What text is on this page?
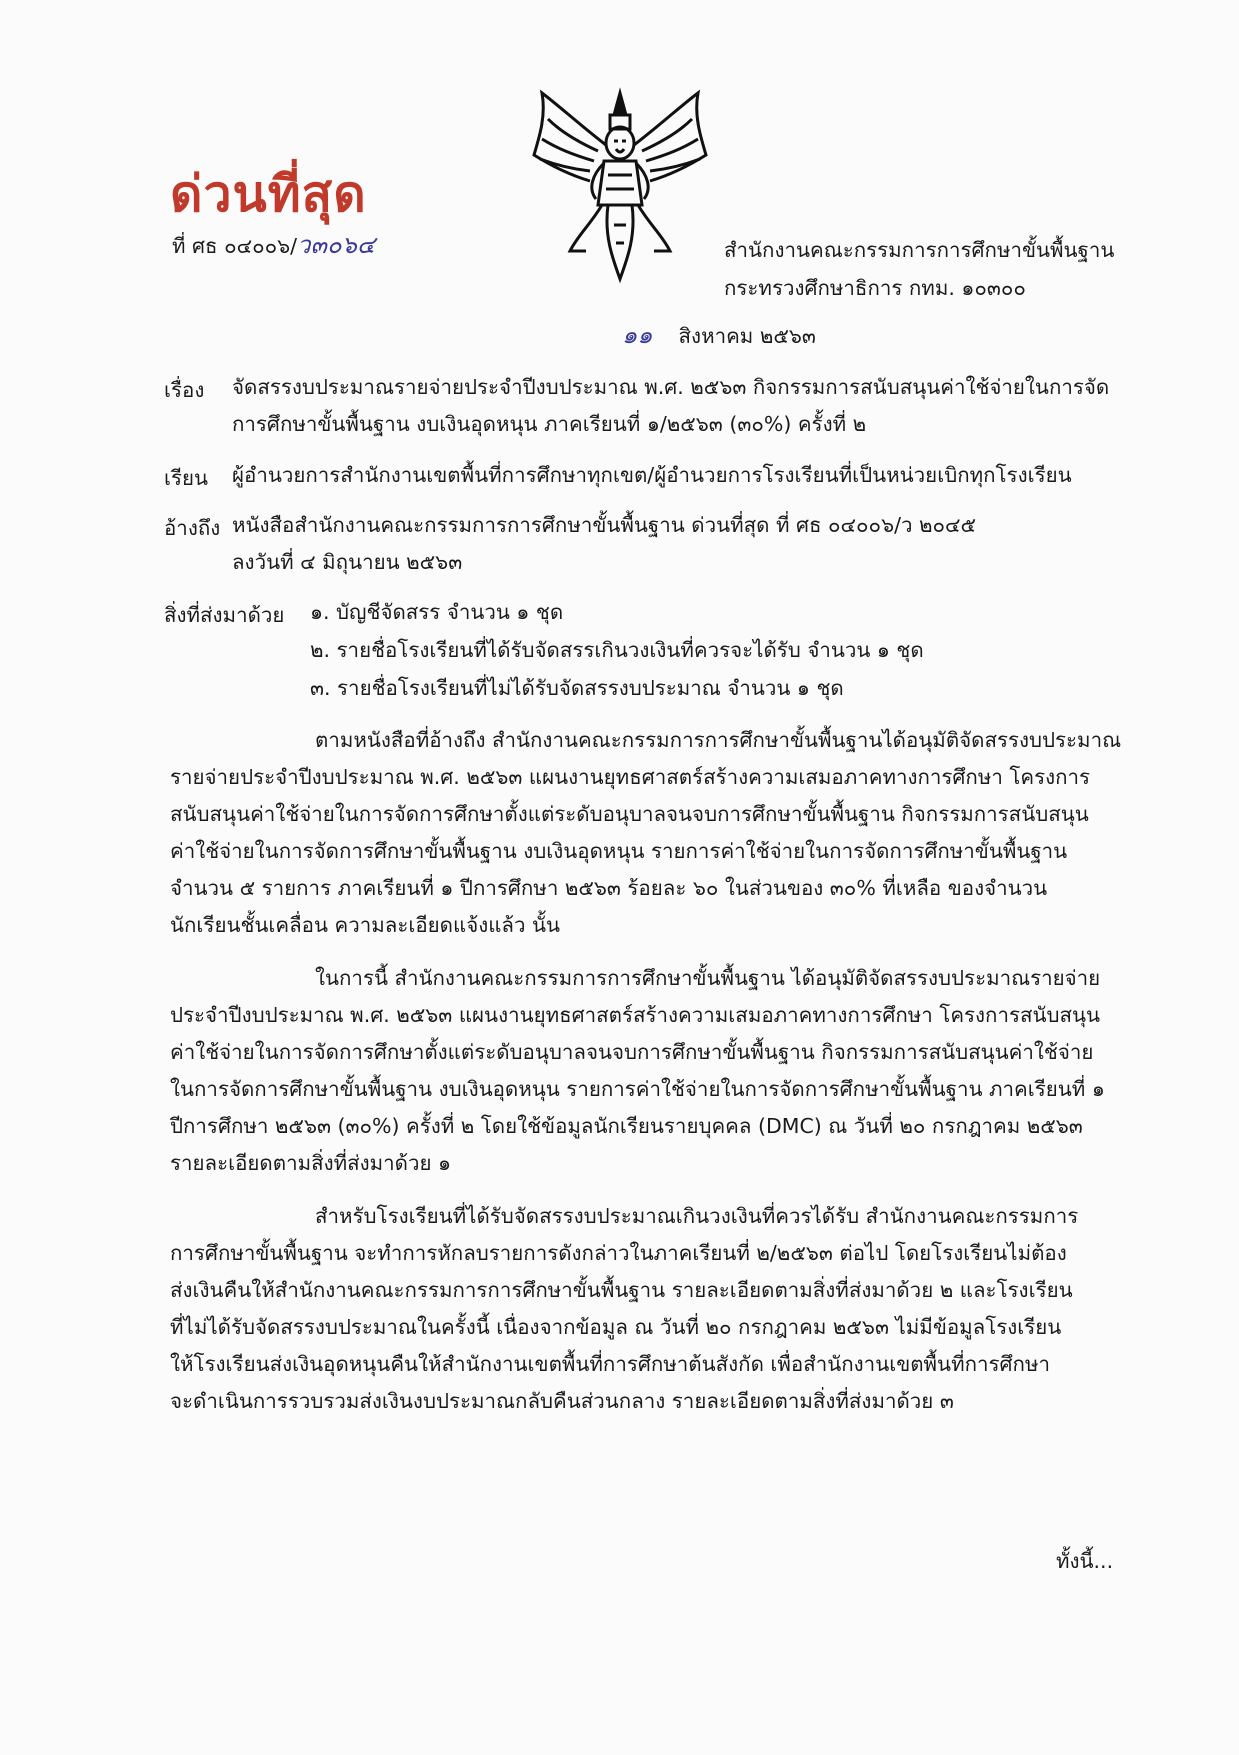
ด่วนที่สุด
ที่ ศธ ๐๔๐๐๖/ว๓๐๖๔	สำนักงานคณะกรรมการการศึกษาขั้นพื้นฐาน
กระทรวงศึกษาธิการ กทม. ๑๐๓๐๐
๑๑ สิงหาคม ๒๕๖๓
เรื่อง จัดสรรงบประมาณรายจ่ายประจำปีงบประมาณ พ.ศ. ๒๕๖๓ กิจกรรมการสนับสนุนค่าใช้จ่ายในการจัด
การศึกษาขั้นพื้นฐาน งบเงินอุดหนุน ภาคเรียนที่ ๑/๒๕๖๓ (๓๐%) ครั้งที่ ๒
เรียน ผู้อำนวยการสำนักงานเขตพื้นที่การศึกษาทุกเขต/ผู้อำนวยการโรงเรียนที่เป็นหน่วยเบิกทุกโรงเรียน
อ้างถึง หนังสือสำนักงานคณะกรรมการการศึกษาขั้นพื้นฐาน ด่วนที่สุด ที่ ศธ ๐๔๐๐๖/ว ๒๐๔๕
ลงวันที่ ๔ มิถุนายน ๒๕๖๓
สิ่งที่ส่งมาด้วย ๑. บัญชีจัดสรร จำนวน ๑ ชุด
๒. รายชื่อโรงเรียนที่ได้รับจัดสรรเกินวงเงินที่ควรจะได้รับ จำนวน ๑ ชุด
๓. รายชื่อโรงเรียนที่ไม่ได้รับจัดสรรงบประมาณ จำนวน ๑ ชุด
ตามหนังสือที่อ้างถึง สำนักงานคณะกรรมการการศึกษาขั้นพื้นฐานได้อนุมัติจัดสรรงบประมาณ
รายจ่ายประจำปีงบประมาณ พ.ศ. ๒๕๖๓ แผนงานยุทธศาสตร์สร้างความเสมอภาคทางการศึกษา โครงการ
สนับสนุนค่าใช้จ่ายในการจัดการศึกษาตั้งแต่ระดับอนุบาลจนจบการศึกษาขั้นพื้นฐาน กิจกรรมการสนับสนุน
ค่าใช้จ่ายในการจัดการศึกษาขั้นพื้นฐาน งบเงินอุดหนุน รายการค่าใช้จ่ายในการจัดการศึกษาขั้นพื้นฐาน
จำนวน ๕ รายการ ภาคเรียนที่ ๑ ปีการศึกษา ๒๕๖๓ ร้อยละ ๖๐ ในส่วนของ ๓๐% ที่เหลือ ของจำนวน
นักเรียนชั้นเคลื่อน ความละเอียดแจ้งแล้ว นั้น
ในการนี้ สำนักงานคณะกรรมการการศึกษาขั้นพื้นฐาน ได้อนุมัติจัดสรรงบประมาณรายจ่าย
ประจำปีงบประมาณ พ.ศ. ๒๕๖๓ แผนงานยุทธศาสตร์สร้างความเสมอภาคทางการศึกษา โครงการสนับสนุน
ค่าใช้จ่ายในการจัดการศึกษาตั้งแต่ระดับอนุบาลจนจบการศึกษาขั้นพื้นฐาน กิจกรรมการสนับสนุนค่าใช้จ่าย
ในการจัดการศึกษาขั้นพื้นฐาน งบเงินอุดหนุน รายการค่าใช้จ่ายในการจัดการศึกษาขั้นพื้นฐาน ภาคเรียนที่ ๑
ปีการศึกษา ๒๕๖๓ (๓๐%) ครั้งที่ ๒ โดยใช้ข้อมูลนักเรียนรายบุคคล (DMC) ณ วันที่ ๒๐ กรกฎาคม ๒๕๖๓
รายละเอียดตามสิ่งที่ส่งมาด้วย ๑
สำหรับโรงเรียนที่ได้รับจัดสรรงบประมาณเกินวงเงินที่ควรได้รับ สำนักงานคณะกรรมการ
การศึกษาขั้นพื้นฐาน จะทำการหักลบรายการดังกล่าวในภาคเรียนที่ ๒/๒๕๖๓ ต่อไป โดยโรงเรียนไม่ต้อง
ส่งเงินคืนให้สำนักงานคณะกรรมการการศึกษาขั้นพื้นฐาน รายละเอียดตามสิ่งที่ส่งมาด้วย ๒ และโรงเรียน
ที่ไม่ได้รับจัดสรรงบประมาณในครั้งนี้ เนื่องจากข้อมูล ณ วันที่ ๒๐ กรกฎาคม ๒๕๖๓ ไม่มีข้อมูลโรงเรียน
ให้โรงเรียนส่งเงินอุดหนุนคืนให้สำนักงานเขตพื้นที่การศึกษาต้นสังกัด เพื่อสำนักงานเขตพื้นที่การศึกษา
จะดำเนินการรวบรวมส่งเงินงบประมาณกลับคืนส่วนกลาง รายละเอียดตามสิ่งที่ส่งมาด้วย ๓
ทั้งนี้...
